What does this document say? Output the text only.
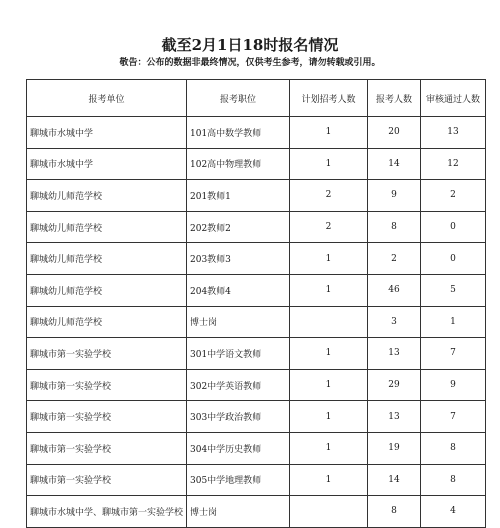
截至2月1日18时报名情况
敬告：公布的数据非最终情况，仅供考生参考，请勿转载或引用。
报考单位	报考职位	计划招考人数	报考人数	审核通过人数
聊城市水城中学	101高中数学教师	1	20	13
聊城市水城中学	102高中物理教师	1	14	12
聊城幼儿师范学校	201教师1	2	9	2
聊城幼儿师范学校	202教师2	2	8	0
聊城幼儿师范学校	203教师3	1	2	0
聊城幼儿师范学校	204教师4	1	46	5
聊城幼儿师范学校	博士岗		3	1
聊城市第一实验学校	301中学语文教师	1	13	7
聊城市第一实验学校	302中学英语教师	1	29	9
聊城市第一实验学校	303中学政治教师	1	13	7
聊城市第一实验学校	304中学历史教师	1	19	8
聊城市第一实验学校	305中学地理教师	1	14	8
聊城市水城中学、聊城市第一实验学校	博士岗		8	4
